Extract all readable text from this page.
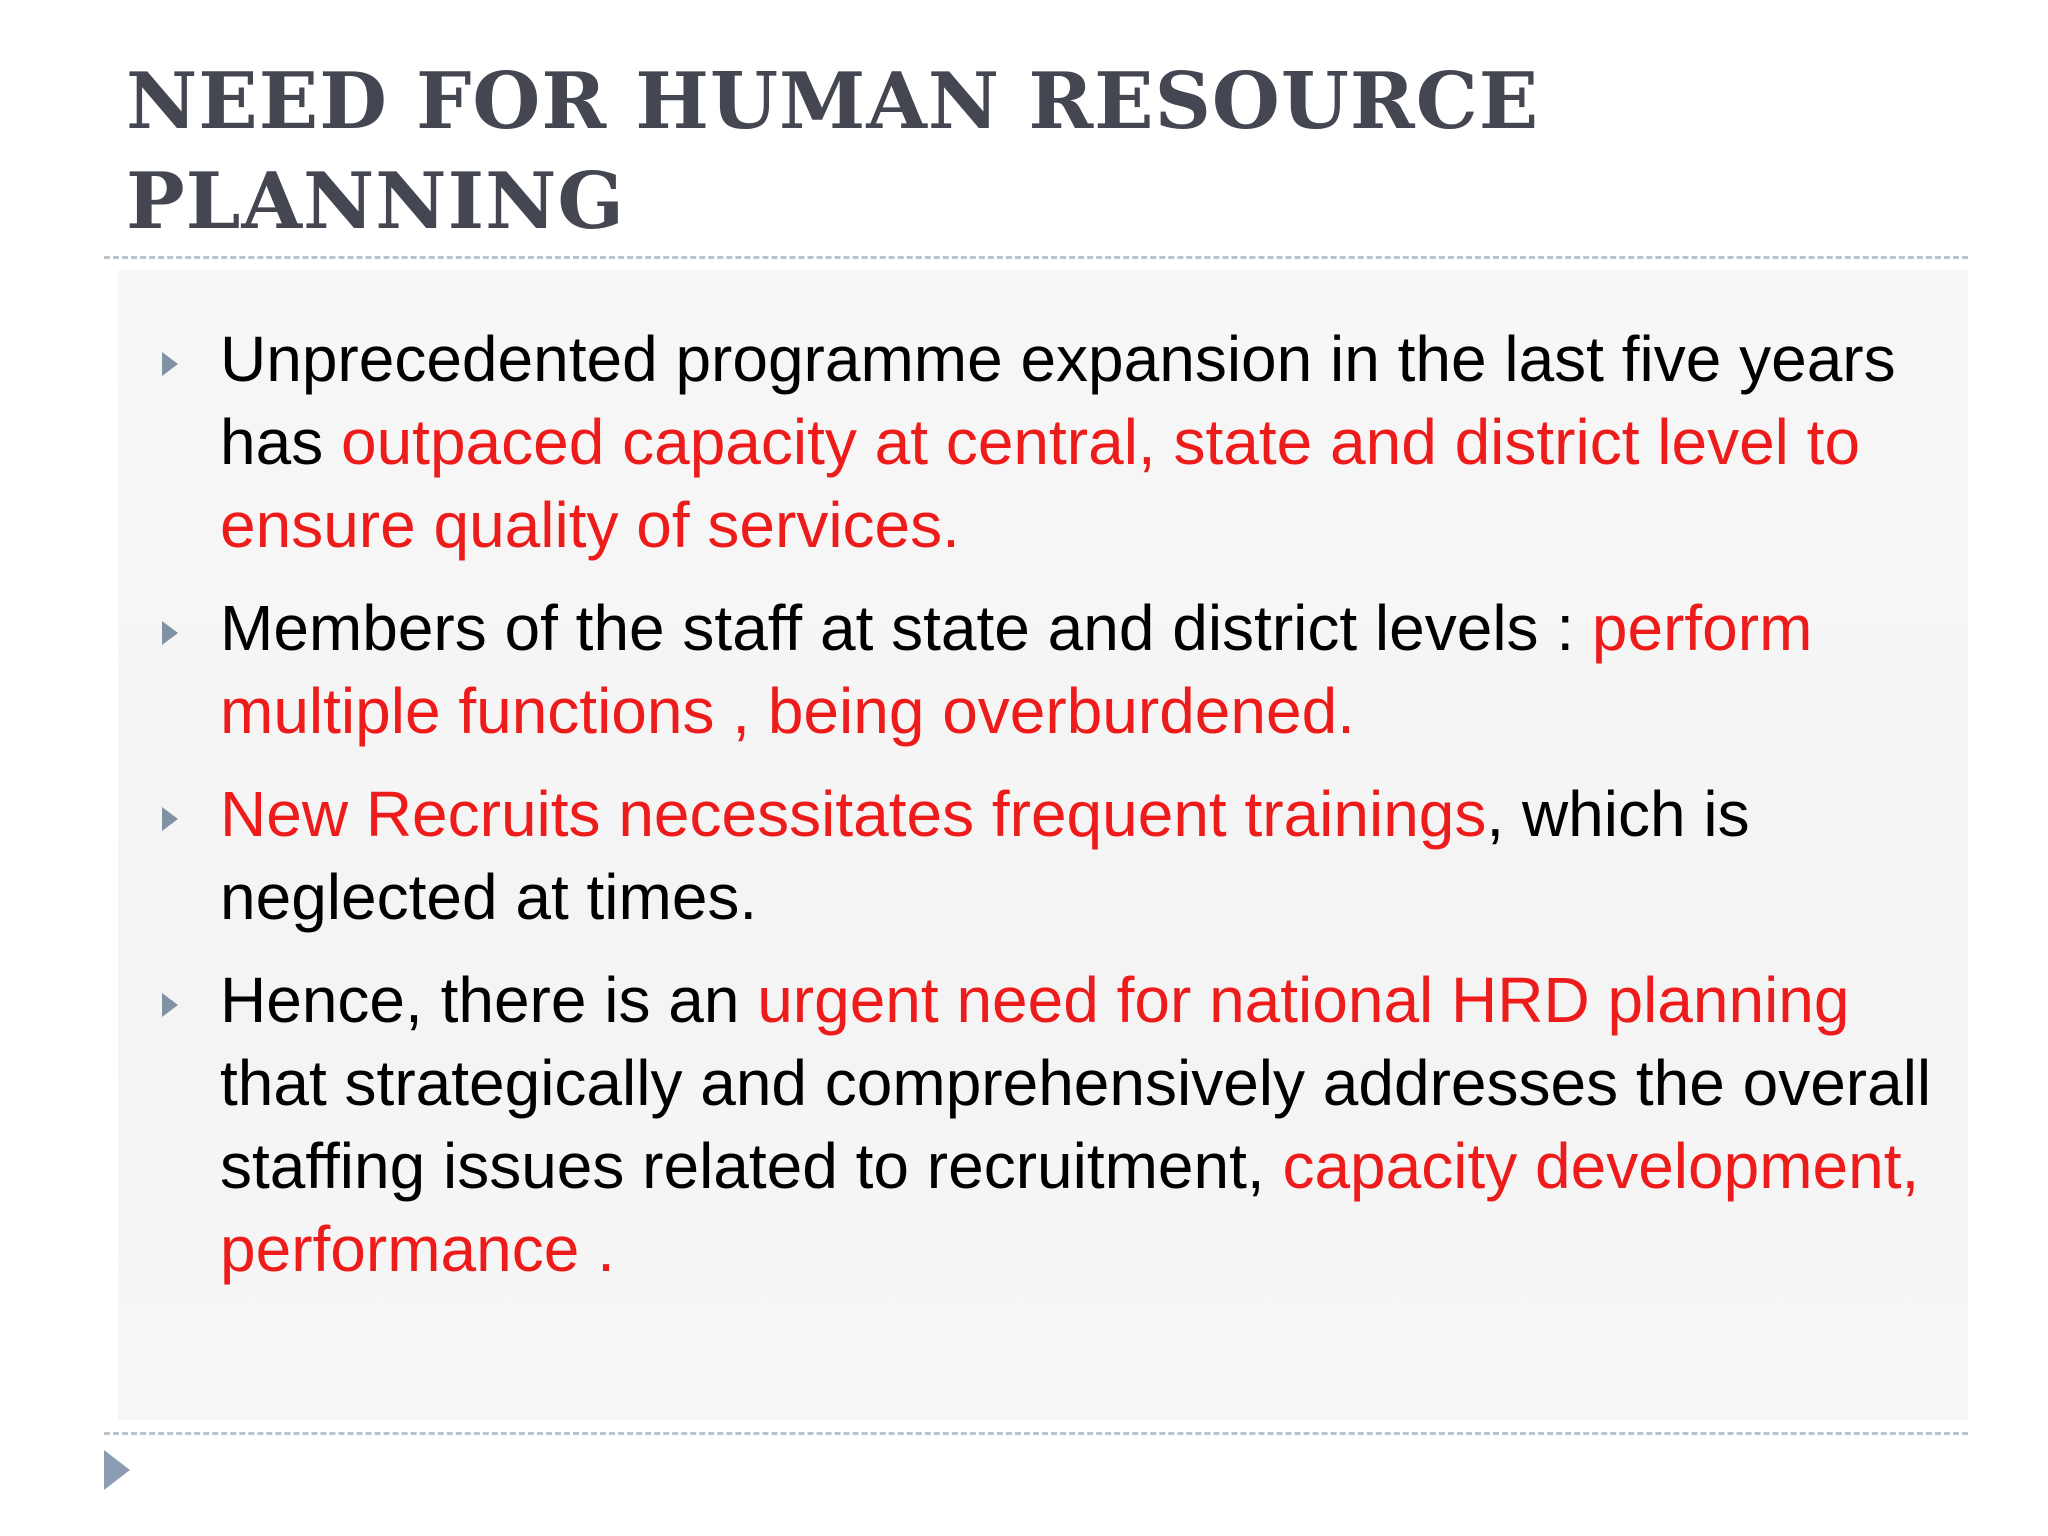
NEED FOR HUMAN RESOURCE
PLANNING
Unprecedented programme expansion in the last five years has outpaced capacity at central, state and district level to ensure quality of services.
Members of the staff at state and district levels : perform multiple functions , being overburdened.
New Recruits necessitates frequent trainings, which is neglected at times.
Hence, there is an urgent need for national HRD planning that strategically and comprehensively addresses the overall staffing issues related to recruitment, capacity development, performance .
